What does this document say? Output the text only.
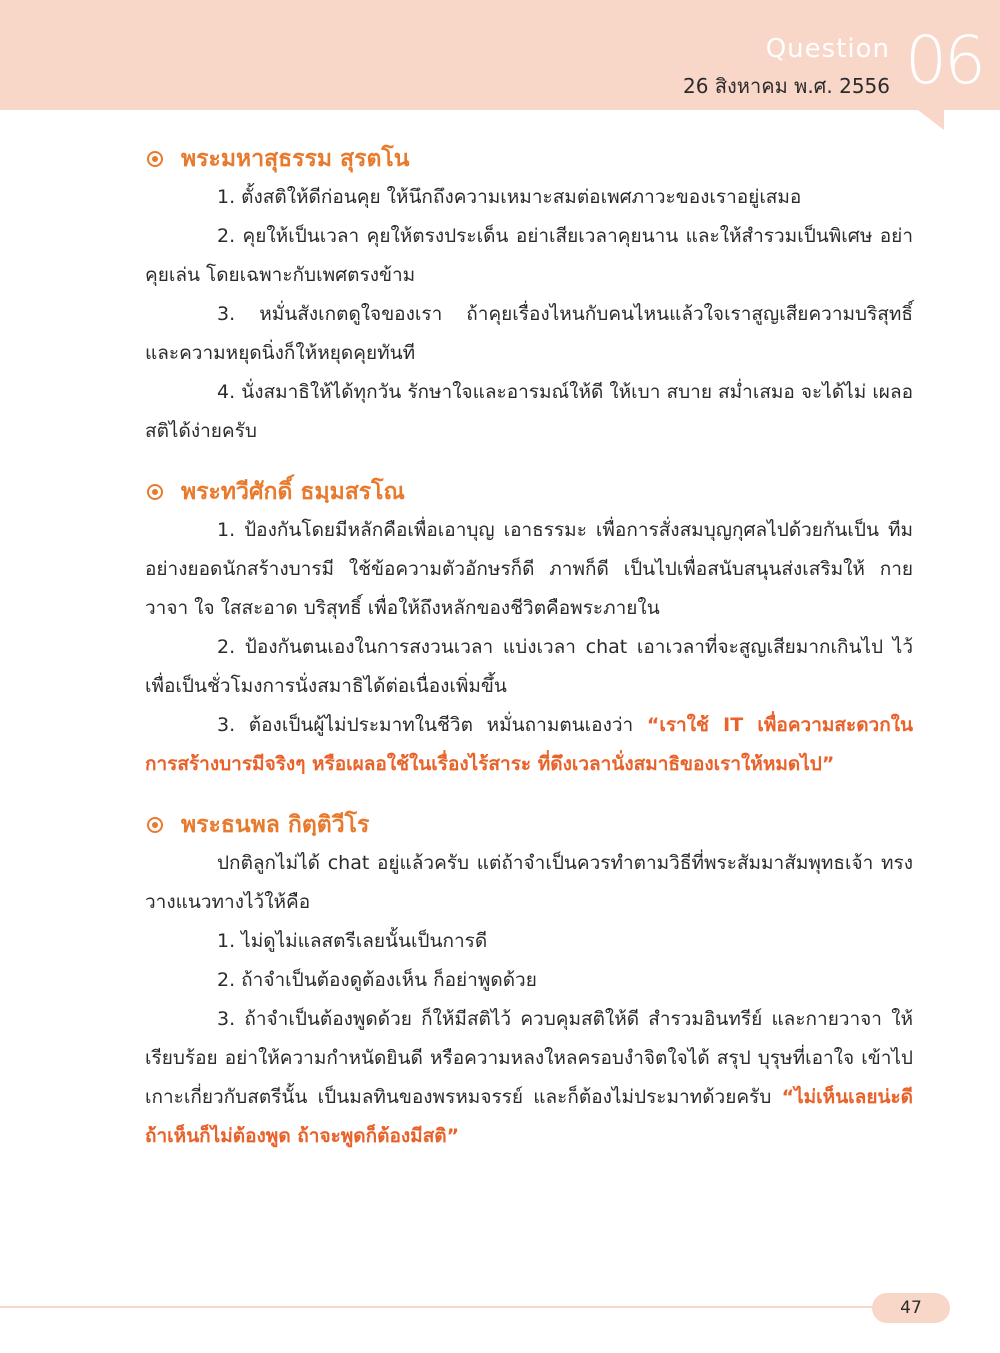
Question
26 สิงหาคม พ.ศ. 2556 06
พระมหาสุธรรม สุรตโน

1. ตั้งสติให้ดีก่อนคุย ให้นึกถึงความเหมาะสมต่อเพศภาวะของเราอยู่เสมอ

2. คุยให้เป็นเวลา คุยให้ตรงประเด็น อย่าเสียเวลาคุยนาน และให้สำรวมเป็นพิเศษ อย่าคุยเล่น โดยเฉพาะกับเพศตรงข้าม

3. หมั่นสังเกตดูใจของเรา ถ้าคุยเรื่องไหนกับคนไหนแล้วใจเราสูญเสียความบริสุทธิ์ และความหยุดนิ่งก็ให้หยุดคุยทันที

4. นั่งสมาธิให้ได้ทุกวัน รักษาใจและอารมณ์ให้ดี ให้เบา สบาย สม่ำเสมอ จะได้ไม่ เผลอสติได้ง่ายครับ

พระทวีศักดิ์ ธมฺมสรโณ

1. ป้องกันโดยมีหลักคือเพื่อเอาบุญ เอาธรรมะ เพื่อการสั่งสมบุญกุศลไปด้วยกันเป็น ทีมอย่างยอดนักสร้างบารมี ใช้ข้อความตัวอักษรก็ดี ภาพก็ดี เป็นไปเพื่อสนับสนุนส่งเสริมให้ กาย วาจา ใจ ใสสะอาด บริสุทธิ์ เพื่อให้ถึงหลักของชีวิตคือพระภายใน

2. ป้องกันตนเองในการสงวนเวลา แบ่งเวลา chat เอาเวลาที่จะสูญเสียมากเกินไป ไว้เพื่อเป็นชั่วโมงการนั่งสมาธิได้ต่อเนื่องเพิ่มขึ้น

3. ต้องเป็นผู้ไม่ประมาทในชีวิต หมั่นถามตนเองว่า “เราใช้ IT เพื่อความสะดวกใน การสร้างบารมีจริงๆ หรือเผลอใช้ในเรื่องไร้สาระ ที่ดึงเวลานั่งสมาธิของเราให้หมดไป”

พระธนพล กิตฺติวีโร

ปกติลูกไม่ได้ chat อยู่แล้วครับ แต่ถ้าจำเป็นควรทำตามวิธีที่พระสัมมาสัมพุทธเจ้า ทรงวางแนวทางไว้ให้คือ

1. ไม่ดูไม่แลสตรีเลยนั้นเป็นการดี

2. ถ้าจำเป็นต้องดูต้องเห็น ก็อย่าพูดด้วย

3. ถ้าจำเป็นต้องพูดด้วย ก็ให้มีสติไว้ ควบคุมสติให้ดี สำรวมอินทรีย์ และกายวาจา ให้เรียบร้อย อย่าให้ความกำหนัดยินดี หรือความหลงใหลครอบงำจิตใจได้ สรุป บุรุษที่เอาใจ เข้าไปเกาะเกี่ยวกับสตรีนั้น เป็นมลทินของพรหมจรรย์ และก็ต้องไม่ประมาทด้วยครับ “ไม่เห็นเลยน่ะดี ถ้าเห็นก็ไม่ต้องพูด ถ้าจะพูดก็ต้องมีสติ”

47
